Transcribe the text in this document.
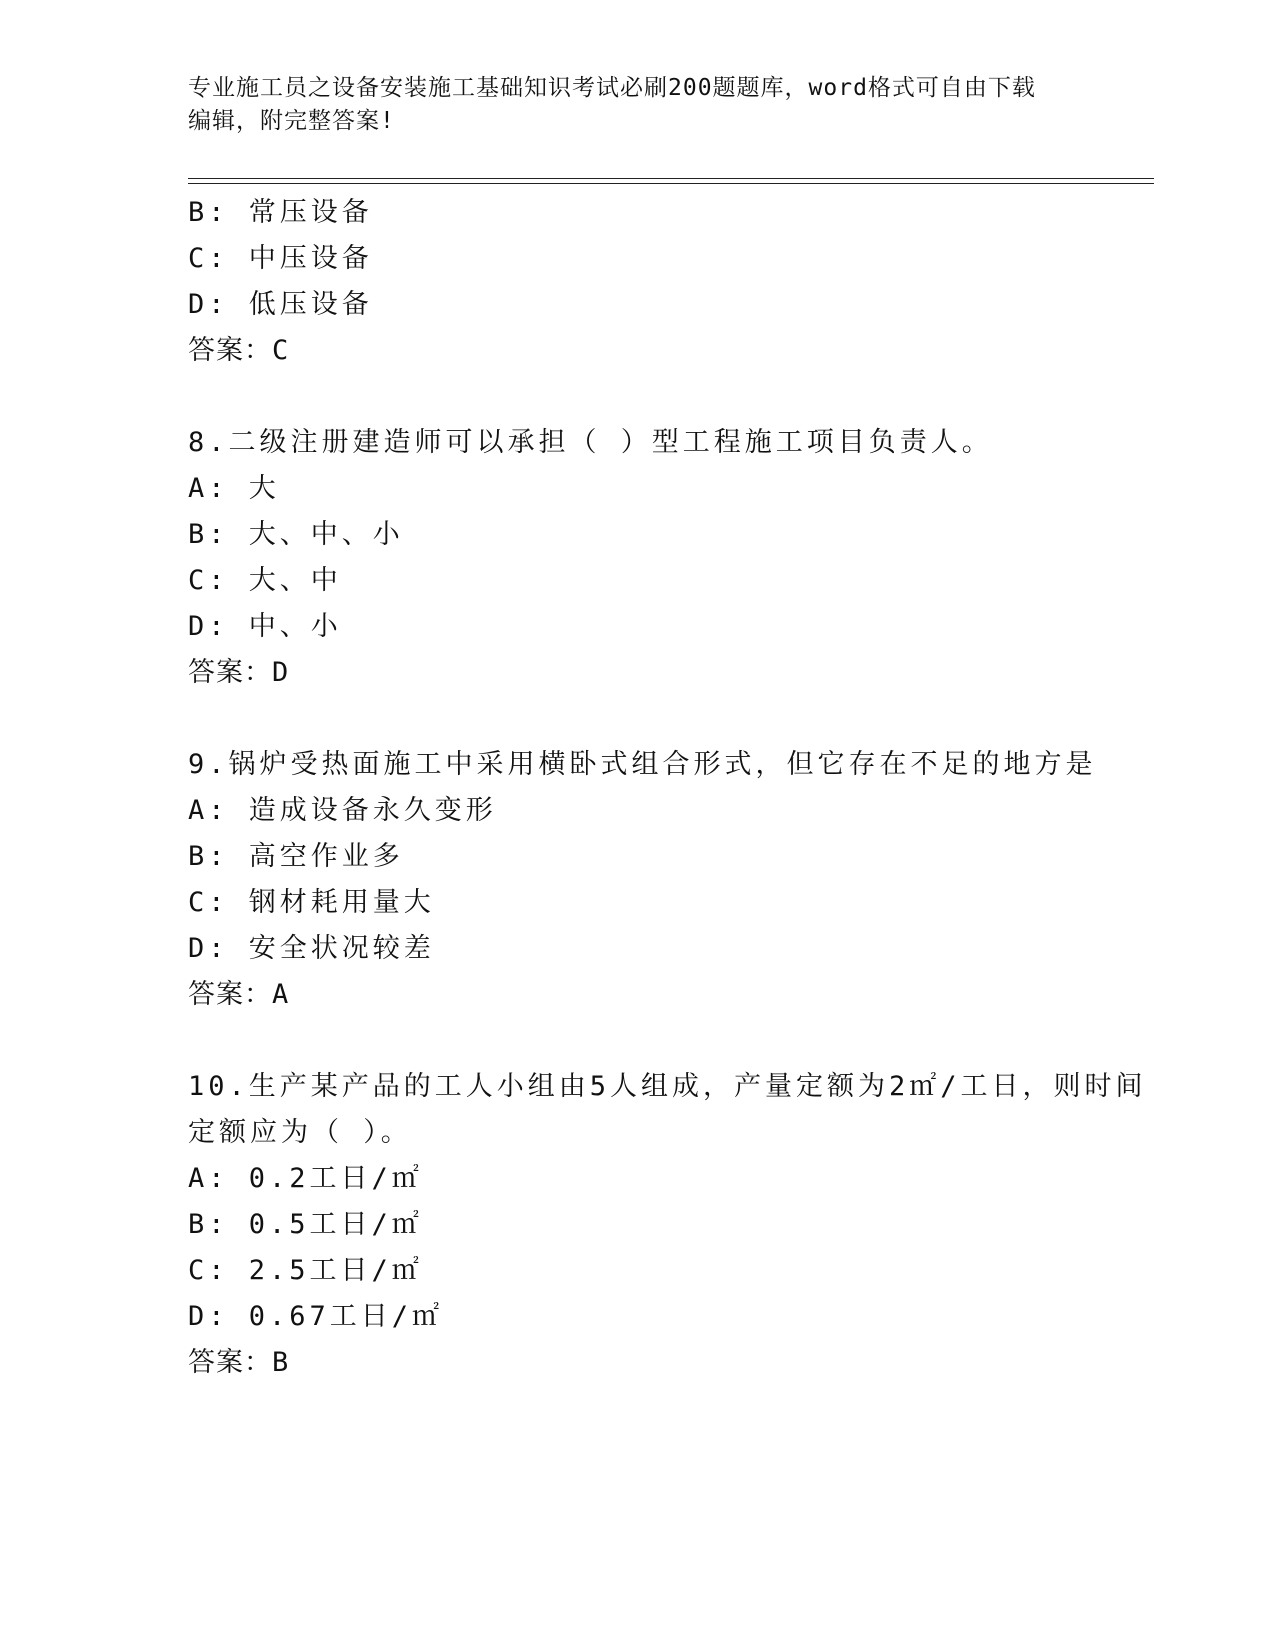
专业施工员之设备安装施工基础知识考试必刷200题题库，word格式可自由下载
编辑，附完整答案!
B: 常压设备
C: 中压设备
D: 低压设备
答案：C
8.二级注册建造师可以承担（ ）型工程施工项目负责人。
A: 大
B: 大、中、小
C: 大、中
D: 中、小
答案：D
9.锅炉受热面施工中采用横卧式组合形式，但它存在不足的地方是
A: 造成设备永久变形
B: 高空作业多
C: 钢材耗用量大
D: 安全状况较差
答案：A
10.生产某产品的工人小组由5人组成，产量定额为2㎡/工日，则时间
定额应为（ ）。
A: 0.2工日/㎡
B: 0.5工日/㎡
C: 2.5工日/㎡
D: 0.67工日/㎡
答案：B
